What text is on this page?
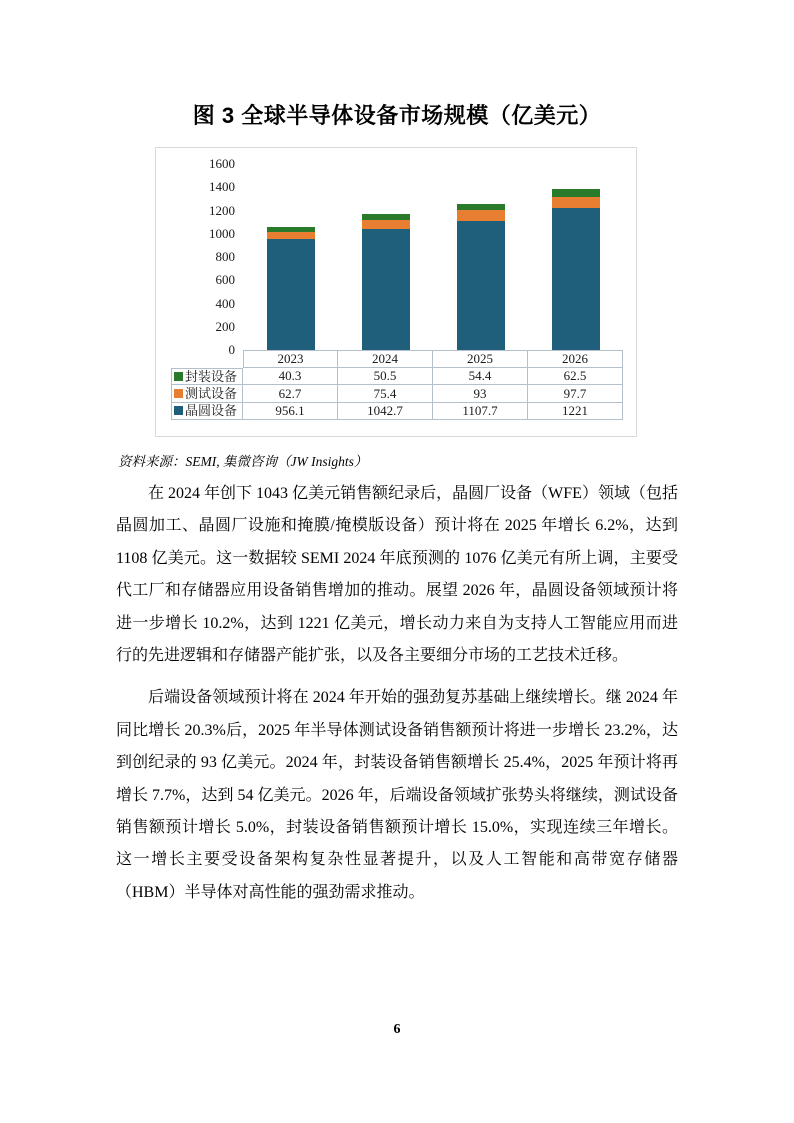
图 3 全球半导体设备市场规模（亿美元）
1600
1400
1200
1000
800
600
400
200
0
2023	2024	2025	2026
封装设备	40.3	50.5	54.4	62.5
测试设备	62.7	75.4	93	97.7
晶圆设备	956.1	1042.7	1107.7	1221

资料来源：SEMI, 集微咨询（JW Insights）

在 2024 年创下 1043 亿美元销售额纪录后，晶圆厂设备（WFE）领域（包括晶圆加工、晶圆厂设施和掩膜/掩模版设备）预计将在 2025 年增长 6.2%，达到 1108 亿美元。这一数据较 SEMI 2024 年底预测的 1076 亿美元有所上调，主要受代工厂和存储器应用设备销售增加的推动。展望 2026 年，晶圆设备领域预计将进一步增长 10.2%，达到 1221 亿美元，增长动力来自为支持人工智能应用而进行的先进逻辑和存储器产能扩张，以及各主要细分市场的工艺技术迁移。

后端设备领域预计将在 2024 年开始的强劲复苏基础上继续增长。继 2024 年同比增长 20.3%后，2025 年半导体测试设备销售额预计将进一步增长 23.2%，达到创纪录的 93 亿美元。2024 年，封装设备销售额增长 25.4%，2025 年预计将再增长 7.7%，达到 54 亿美元。2026 年，后端设备领域扩张势头将继续，测试设备销售额预计增长 5.0%，封装设备销售额预计增长 15.0%，实现连续三年增长。这一增长主要受设备架构复杂性显著提升，以及人工智能和高带宽存储器（HBM）半导体对高性能的强劲需求推动。

6
